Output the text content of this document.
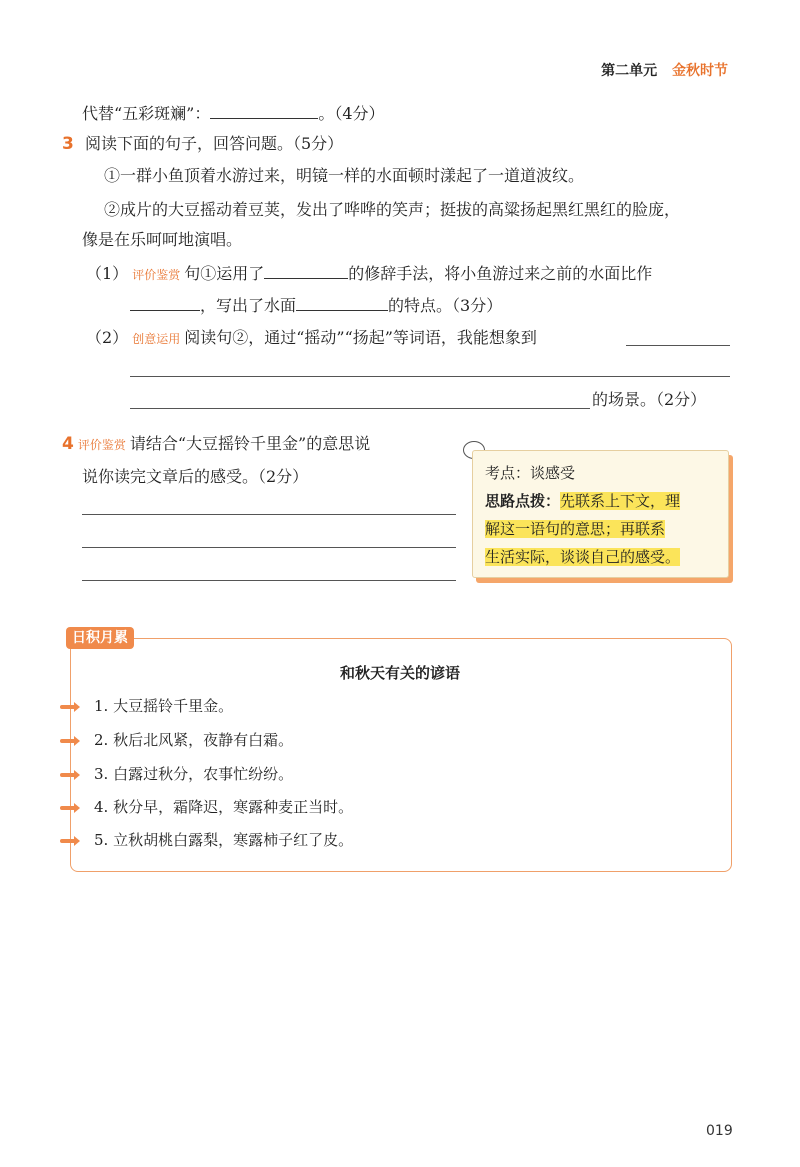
第二单元 金秋时节
代替“五彩斑斓”：	。（4分）
3 阅读下面的句子，回答问题。（5分）
①一群小鱼顶着水游过来，明镜一样的水面顿时漾起了一道道波纹。
②成片的大豆摇动着豆荚，发出了哗哗的笑声；挺拔的高粱扬起黑红黑红的脸庞，
像是在乐呵呵地演唱。
（1） 评价鉴赏 句①运用了	的修辞手法，将小鱼游过来之前的水面比作
，写出了水面	的特点。（3分）
（2） 创意运用 阅读句②，通过“摇动”“扬起”等词语，我能想象到
的场景。（2分）
4 评价鉴赏 请结合“大豆摇铃千里金”的意思说
说你读完文章后的感受。（2分）	考点：谈感受
思路点拨：先联系上下文，理
解这一语句的意思；再联系
生活实际，谈谈自己的感受。
日积月累
和秋天有关的谚语
1. 大豆摇铃千里金。
2. 秋后北风紧，夜静有白霜。
3. 白露过秋分，农事忙纷纷。
4. 秋分早，霜降迟，寒露种麦正当时。
5. 立秋胡桃白露梨，寒露柿子红了皮。
019
